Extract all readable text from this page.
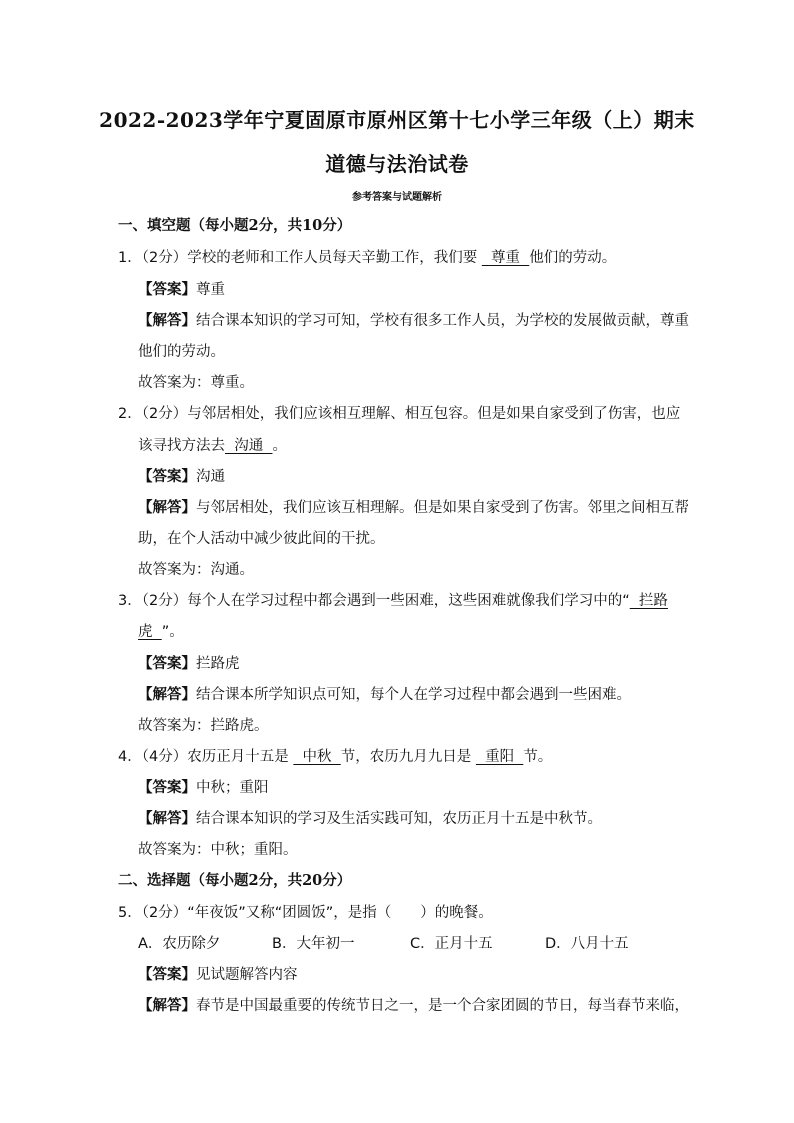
2022-2023学年宁夏固原市原州区第十七小学三年级（上）期末
道德与法治试卷
参考答案与试题解析
一、填空题（每小题2分，共10分）
1．（2分）学校的老师和工作人员每天辛勤工作，我们要   尊重  他们的劳动。
【答案】尊重
【解答】结合课本知识的学习可知，学校有很多工作人员，为学校的发展做贡献，尊重
他们的劳动。
故答案为：尊重。
2．（2分）与邻居相处，我们应该相互理解、相互包容。但是如果自家受到了伤害，也应
该寻找方法去  沟通  。
【答案】沟通
【解答】与邻居相处，我们应该互相理解。但是如果自家受到了伤害。邻里之间相互帮
助，在个人活动中减少彼此间的干扰。
故答案为：沟通。
3．（2分）每个人在学习过程中都会遇到一些困难，这些困难就像我们学习中的“  拦路
虎  ”。
【答案】拦路虎
【解答】结合课本所学知识点可知，每个人在学习过程中都会遇到一些困难。
故答案为：拦路虎。
4．（4分）农历正月十五是   中秋  节，农历九月九日是   重阳  节。
【答案】中秋；重阳
【解答】结合课本知识的学习及生活实践可知，农历正月十五是中秋节。
故答案为：中秋；重阳。
二、选择题（每小题2分，共20分）
5．（2分）“年夜饭”又称“团圆饭”，是指（　　）的晚餐。
A．农历除夕	B．大年初一	C．正月十五	D．八月十五
【答案】见试题解答内容
【解答】春节是中国最重要的传统节日之一，是一个合家团圆的节日，每当春节来临，
